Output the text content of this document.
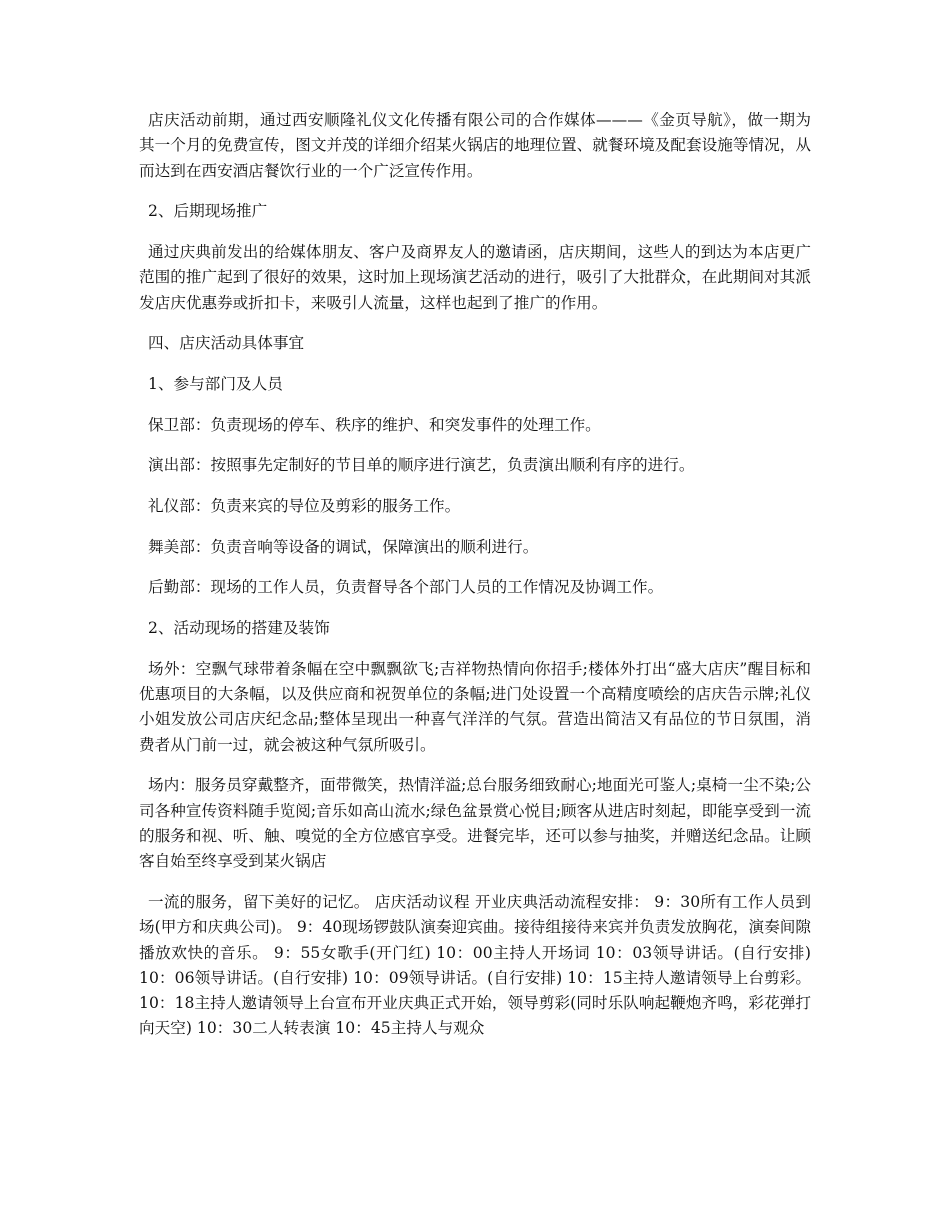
店庆活动前期，通过西安顺隆礼仪文化传播有限公司的合作媒体———《金页导航》，做一期为其一个月的免费宣传，图文并茂的详细介绍某火锅店的地理位置、就餐环境及配套设施等情况，从而达到在西安酒店餐饮行业的一个广泛宣传作用。

2、后期现场推广

通过庆典前发出的给媒体朋友、客户及商界友人的邀请函，店庆期间，这些人的到达为本店更广范围的推广起到了很好的效果，这时加上现场演艺活动的进行，吸引了大批群众，在此期间对其派发店庆优惠券或折扣卡，来吸引人流量，这样也起到了推广的作用。

四、店庆活动具体事宜

1、参与部门及人员

保卫部：负责现场的停车、秩序的维护、和突发事件的处理工作。

演出部：按照事先定制好的节目单的顺序进行演艺，负责演出顺利有序的进行。

礼仪部：负责来宾的导位及剪彩的服务工作。

舞美部：负责音响等设备的调试，保障演出的顺利进行。

后勤部：现场的工作人员，负责督导各个部门人员的工作情况及协调工作。

2、活动现场的搭建及装饰

场外：空飘气球带着条幅在空中飘飘欲飞;吉祥物热情向你招手;楼体外打出“盛大店庆”醒目标和优惠项目的大条幅，以及供应商和祝贺单位的条幅;进门处设置一个高精度喷绘的店庆告示牌;礼仪小姐发放公司店庆纪念品;整体呈现出一种喜气洋洋的气氛。营造出简洁又有品位的节日氛围，消费者从门前一过，就会被这种气氛所吸引。

场内：服务员穿戴整齐，面带微笑，热情洋溢;总台服务细致耐心;地面光可鉴人;桌椅一尘不染;公司各种宣传资料随手览阅;音乐如高山流水;绿色盆景赏心悦目;顾客从进店时刻起，即能享受到一流的服务和视、听、触、嗅觉的全方位感官享受。进餐完毕，还可以参与抽奖，并赠送纪念品。让顾客自始至终享受到某火锅店

一流的服务，留下美好的记忆。 店庆活动议程 开业庆典活动流程安排： 9：30所有工作人员到场(甲方和庆典公司)。 9：40现场锣鼓队演奏迎宾曲。接待组接待来宾并负责发放胸花，演奏间隙播放欢快的音乐。 9：55女歌手(开门红) 10：00主持人开场词 10：03领导讲话。(自行安排) 10：06领导讲话。(自行安排) 10：09领导讲话。(自行安排) 10：15主持人邀请领导上台剪彩。 10：18主持人邀请领导上台宣布开业庆典正式开始，领导剪彩(同时乐队响起鞭炮齐鸣，彩花弹打向天空) 10：30二人转表演 10：45主持人与观众
